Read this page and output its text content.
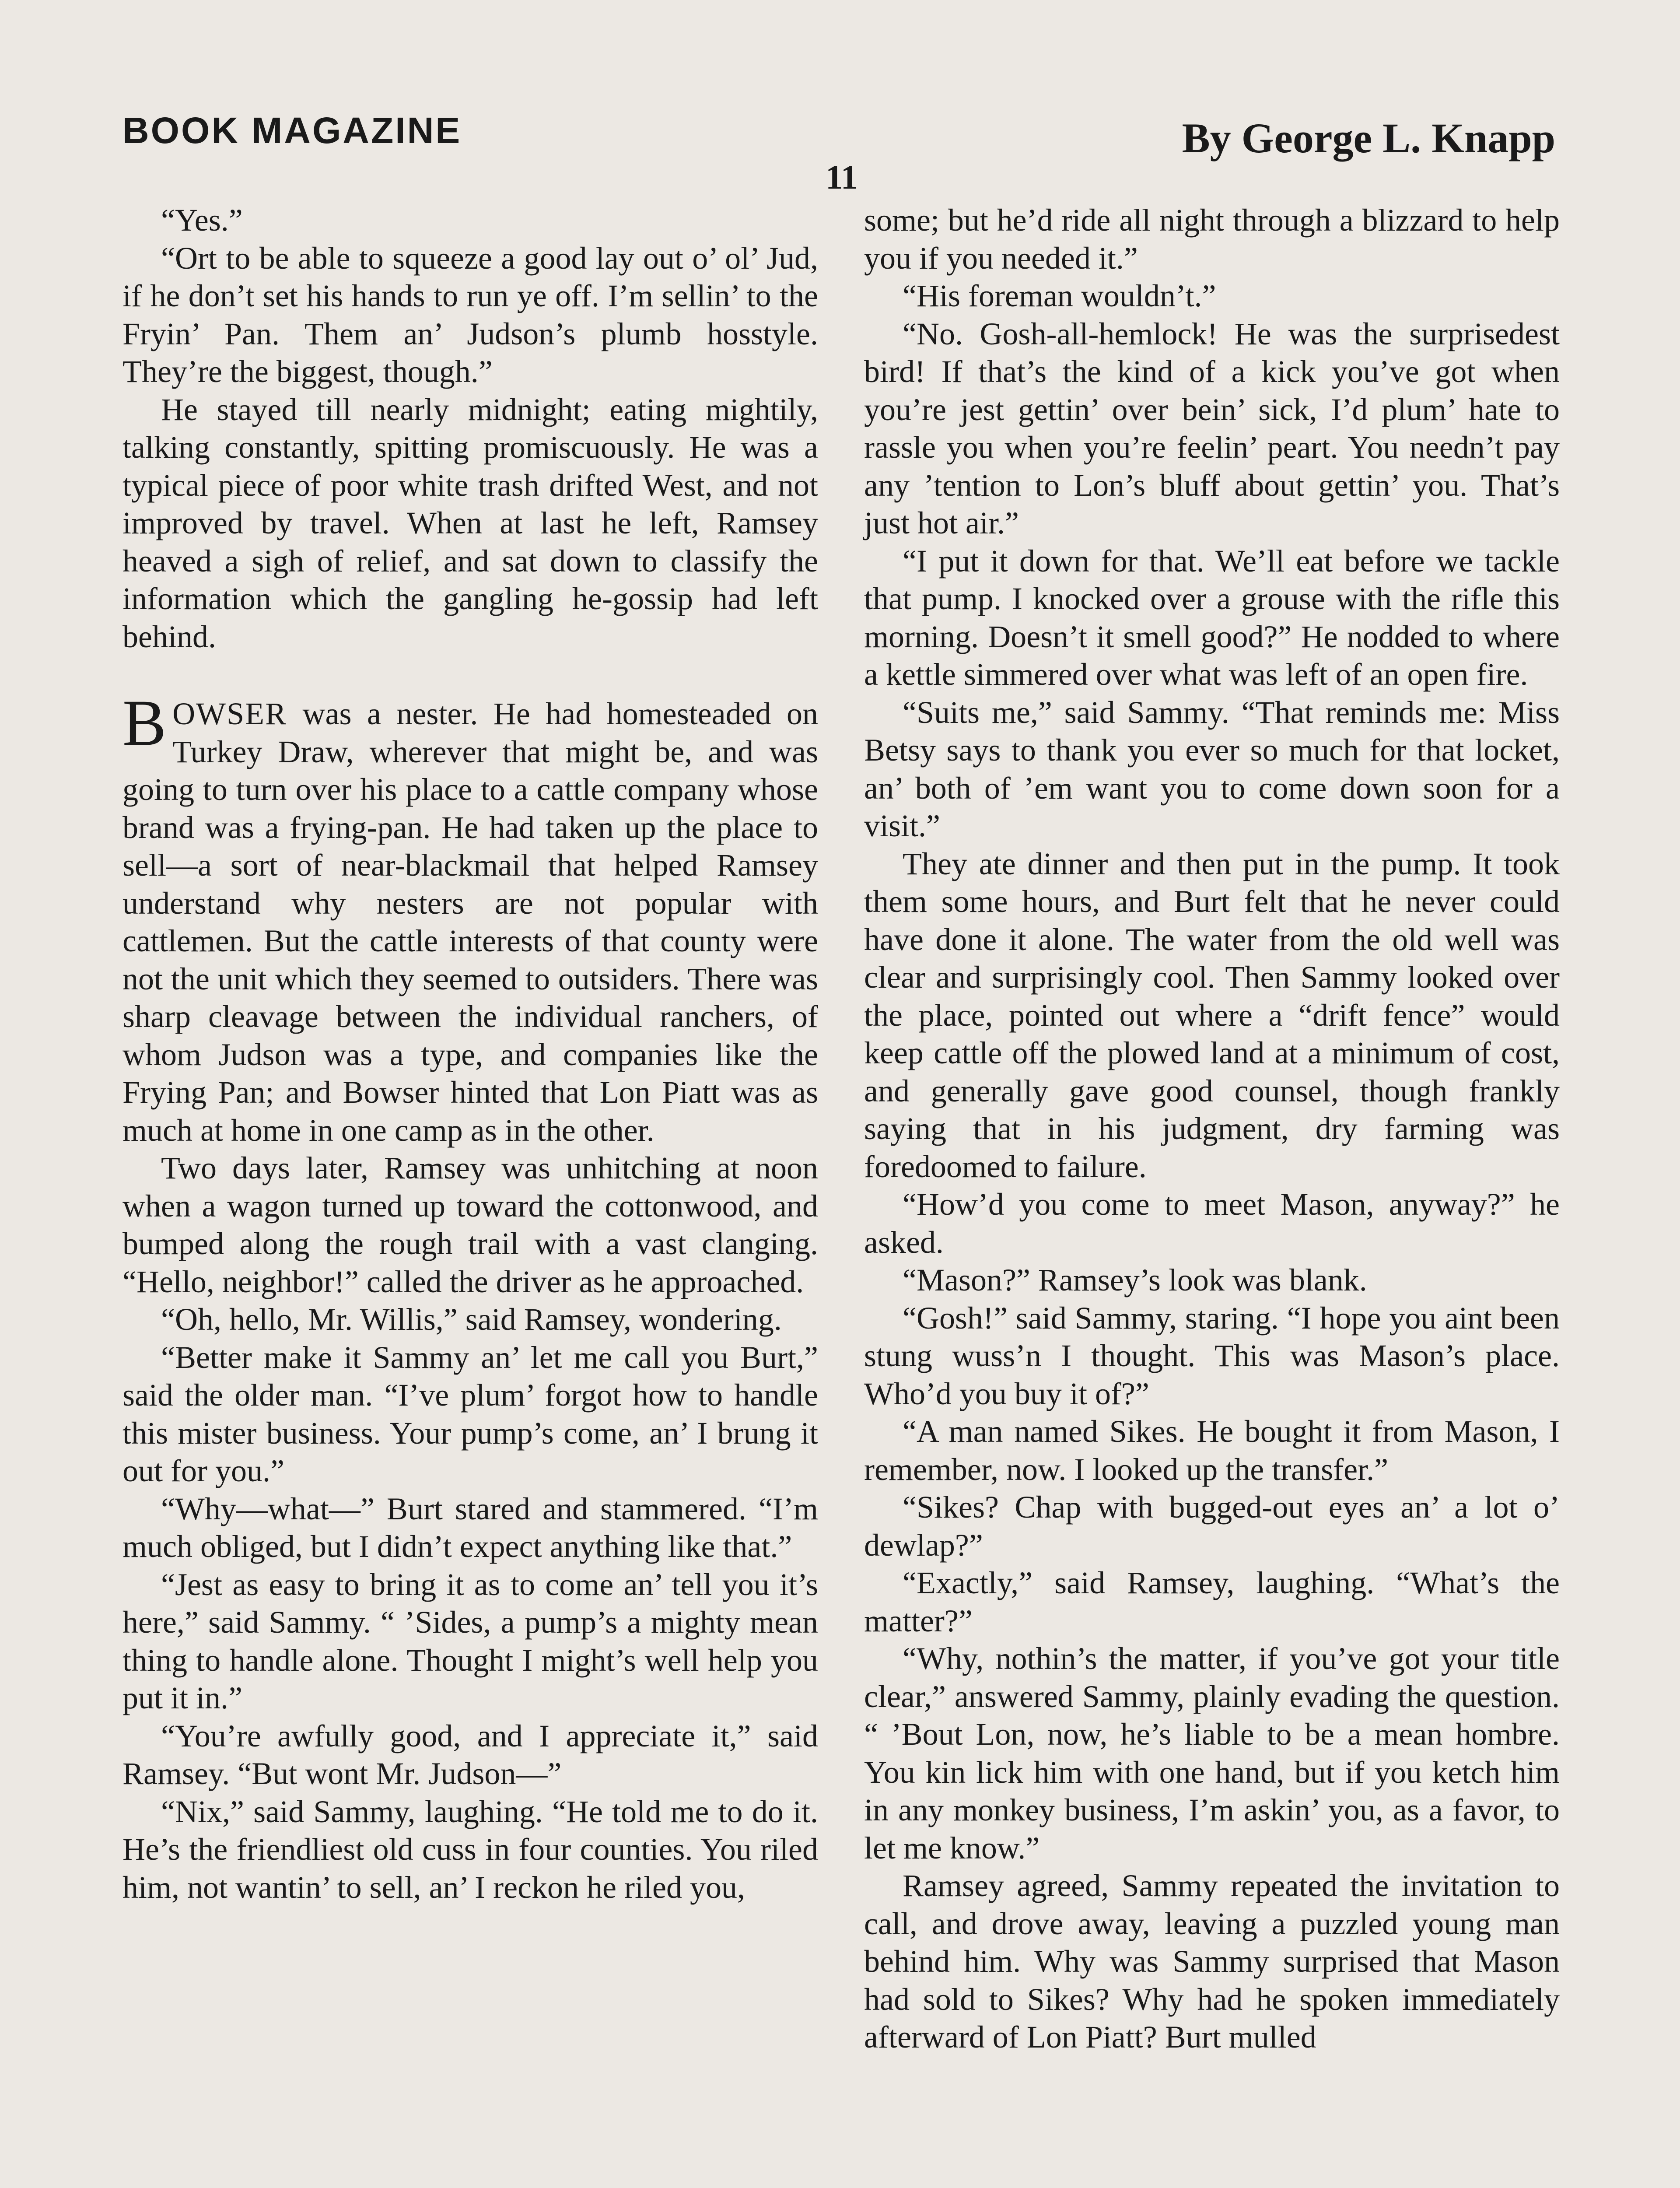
BOOK MAGAZINE	By George L. Knapp
11

“Yes.”

“Ort to be able to squeeze a good lay out o’ ol’ Jud, if he don’t set his hands to run ye off. I’m sellin’ to the Fryin’ Pan. Them an’ Judson’s plumb hosstyle. They’re the biggest, though.”

He stayed till nearly midnight; eating mightily, talking constantly, spitting promiscuously. He was a typical piece of poor white trash drifted West, and not improved by travel. When at last he left, Ramsey heaved a sigh of relief, and sat down to classify the information which the gangling he-gossip had left behind.

BOWSER was a nester. He had homesteaded on Turkey Draw, wherever that might be, and was going to turn over his place to a cattle company whose brand was a frying-pan. He had taken up the place to sell—a sort of near-blackmail that helped Ramsey understand why nesters are not popular with cattlemen. But the cattle interests of that county were not the unit which they seemed to outsiders. There was sharp cleavage between the individual ranchers, of whom Judson was a type, and companies like the Frying Pan; and Bowser hinted that Lon Piatt was as much at home in one camp as in the other.

Two days later, Ramsey was unhitching at noon when a wagon turned up toward the cottonwood, and bumped along the rough trail with a vast clanging. “Hello, neighbor!” called the driver as he approached.

“Oh, hello, Mr. Willis,” said Ramsey, wondering.

“Better make it Sammy an’ let me call you Burt,” said the older man. “I’ve plum’ forgot how to handle this mister business. Your pump’s come, an’ I brung it out for you.”

“Why—what—” Burt stared and stammered. “I’m much obliged, but I didn’t expect anything like that.”

“Jest as easy to bring it as to come an’ tell you it’s here,” said Sammy. “ ’Sides, a pump’s a mighty mean thing to handle alone. Thought I might’s well help you put it in.”

“You’re awfully good, and I appreciate it,” said Ramsey. “But wont Mr. Judson—”

“Nix,” said Sammy, laughing. “He told me to do it. He’s the friendliest old cuss in four counties. You riled him, not wantin’ to sell, an’ I reckon he riled you,

some; but he’d ride all night through a blizzard to help you if you needed it.”

“His foreman wouldn’t.”

“No. Gosh-all-hemlock! He was the surprisedest bird! If that’s the kind of a kick you’ve got when you’re jest gettin’ over bein’ sick, I’d plum’ hate to rassle you when you’re feelin’ peart. You needn’t pay any ’tention to Lon’s bluff about gettin’ you. That’s just hot air.”

“I put it down for that. We’ll eat before we tackle that pump. I knocked over a grouse with the rifle this morning. Doesn’t it smell good?” He nodded to where a kettle simmered over what was left of an open fire.

“Suits me,” said Sammy. “That reminds me: Miss Betsy says to thank you ever so much for that locket, an’ both of ’em want you to come down soon for a visit.”

They ate dinner and then put in the pump. It took them some hours, and Burt felt that he never could have done it alone. The water from the old well was clear and surprisingly cool. Then Sammy looked over the place, pointed out where a “drift fence” would keep cattle off the plowed land at a minimum of cost, and generally gave good counsel, though frankly saying that in his judgment, dry farming was foredoomed to failure.

“How’d you come to meet Mason, anyway?” he asked.

“Mason?” Ramsey’s look was blank.

“Gosh!” said Sammy, staring. “I hope you aint been stung wuss’n I thought. This was Mason’s place. Who’d you buy it of?”

“A man named Sikes. He bought it from Mason, I remember, now. I looked up the transfer.”

“Sikes? Chap with bugged-out eyes an’ a lot o’ dewlap?”

“Exactly,” said Ramsey, laughing. “What’s the matter?”

“Why, nothin’s the matter, if you’ve got your title clear,” answered Sammy, plainly evading the question. “ ’Bout Lon, now, he’s liable to be a mean hombre. You kin lick him with one hand, but if you ketch him in any monkey business, I’m askin’ you, as a favor, to let me know.”

Ramsey agreed, Sammy repeated the invitation to call, and drove away, leaving a puzzled young man behind him. Why was Sammy surprised that Mason had sold to Sikes? Why had he spoken immediately afterward of Lon Piatt? Burt mulled
